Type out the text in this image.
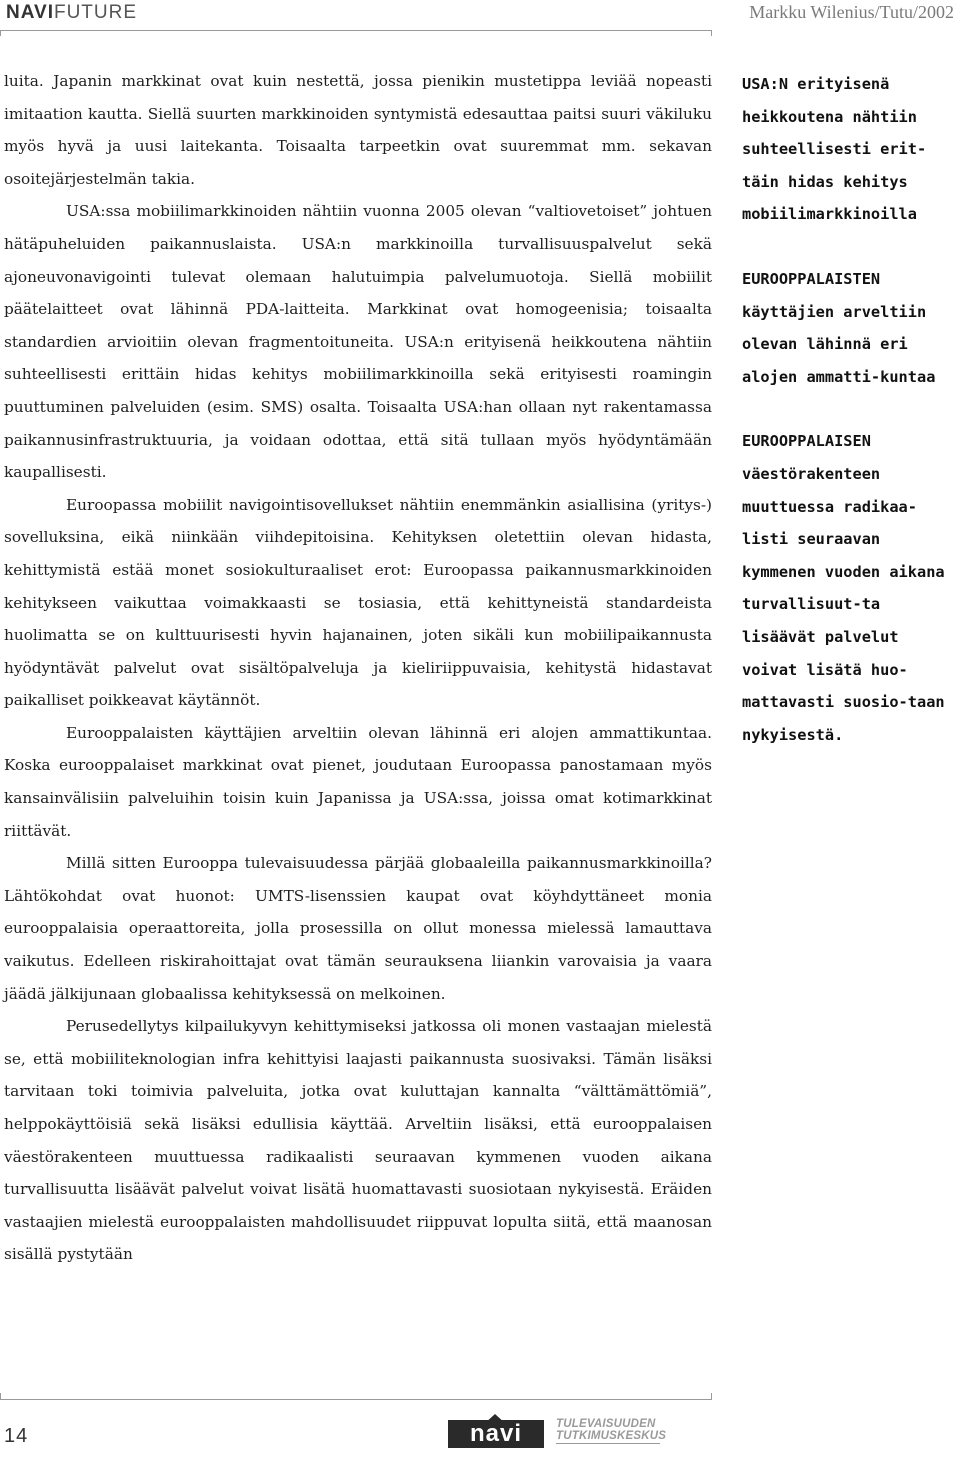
NAVIFUTURE	Markku Wilenius/Tutu/2002

luita. Japanin markkinat ovat kuin nestettä, jossa pienikin mustetippa leviää nopeasti imitaation kautta. Siellä suurten markkinoiden syntymistä edesauttaa paitsi suuri väkiluku myös hyvä ja uusi laitekanta. Toisaalta tarpeetkin ovat suuremmat mm. sekavan osoitejärjestelmän takia.

USA:ssa mobiilimarkkinoiden nähtiin vuonna 2005 olevan “valtiovetoiset” johtuen hätäpuheluiden paikannuslaista. USA:n markkinoilla turvallisuuspalvelut sekä ajoneuvonavigointi tulevat olemaan halutuimpia palvelumuotoja. Siellä mobiilit päätelaitteet ovat lähinnä PDA-laitteita. Markkinat ovat homogeenisia; toisaalta standardien arvioitiin olevan fragmentoituneita. USA:n erityisenä heikkoutena nähtiin suhteellisesti erittäin hidas kehitys mobiilimarkkinoilla sekä erityisesti roamingin puuttuminen palveluiden (esim. SMS) osalta. Toisaalta USA:han ollaan nyt rakentamassa paikannusinfrastruktuuria, ja voidaan odottaa, että sitä tullaan myös hyödyntämään kaupallisesti.

Euroopassa mobiilit navigointisovellukset nähtiin enemmänkin asiallisina (yritys-) sovelluksina, eikä niinkään viihdepitoisina. Kehityksen oletettiin olevan hidasta, kehittymistä estää monet sosiokulturaaliset erot: Euroopassa paikannusmarkkinoiden kehitykseen vaikuttaa voimakkaasti se tosiasia, että kehittyneistä standardeista huolimatta se on kulttuurisesti hyvin hajanainen, joten sikäli kun mobiilipaikannusta hyödyntävät palvelut ovat sisältöpalveluja ja kieliriippuvaisia, kehitystä hidastavat paikalliset poikkeavat käytännöt.

Eurooppalaisten käyttäjien arveltiin olevan lähinnä eri alojen ammattikuntaa. Koska eurooppalaiset markkinat ovat pienet, joudutaan Euroopassa panostamaan myös kansainvälisiin palveluihin toisin kuin Japanissa ja USA:ssa, joissa omat kotimarkkinat riittävät.

Millä sitten Eurooppa tulevaisuudessa pärjää globaaleilla paikannusmarkkinoilla? Lähtökohdat ovat huonot: UMTS-lisenssien kaupat ovat köyhdyttäneet monia eurooppalaisia operaattoreita, jolla prosessilla on ollut monessa mielessä lamauttava vaikutus. Edelleen riskirahoittajat ovat tämän seurauksena liiankin varovaisia ja vaara jäädä jälkijunaan globaalissa kehityksessä on melkoinen.

Perusedellytys kilpailukyvyn kehittymiseksi jatkossa oli monen vastaajan mielestä se, että mobiiliteknologian infra kehittyisi laajasti paikannusta suosivaksi. Tämän lisäksi tarvitaan toki toimivia palveluita, jotka ovat kuluttajan kannalta “välttämättömiä”, helppokäyttöisiä sekä lisäksi edullisia käyttää. Arveltiin lisäksi, että eurooppalaisen väestörakenteen muuttuessa radikaalisti seuraavan kymmenen vuoden aikana turvallisuutta lisäävät palvelut voivat lisätä huomattavasti suosiotaan nykyisestä. Eräiden vastaajien mielestä eurooppalaisten mahdollisuudet riippuvat lopulta siitä, että maanosan sisällä pystytään

USA:N erityisenä heikkoutena nähtiin suhteellisesti erit-täin hidas kehitys mobiilimarkkinoilla

EUROOPPALAISTEN käyttäjien arveltiin olevan lähinnä eri alojen ammatti-kuntaa

EUROOPPALAISEN väestörakenteen muuttuessa radikaa-listi seuraavan kymmenen vuoden aikana turvallisuut-ta lisäävät palvelut voivat lisätä huo-mattavasti suosio-taan nykyisestä.

14	navi	TULEVAISUUDEN
TUTKIMUSKESKUS
